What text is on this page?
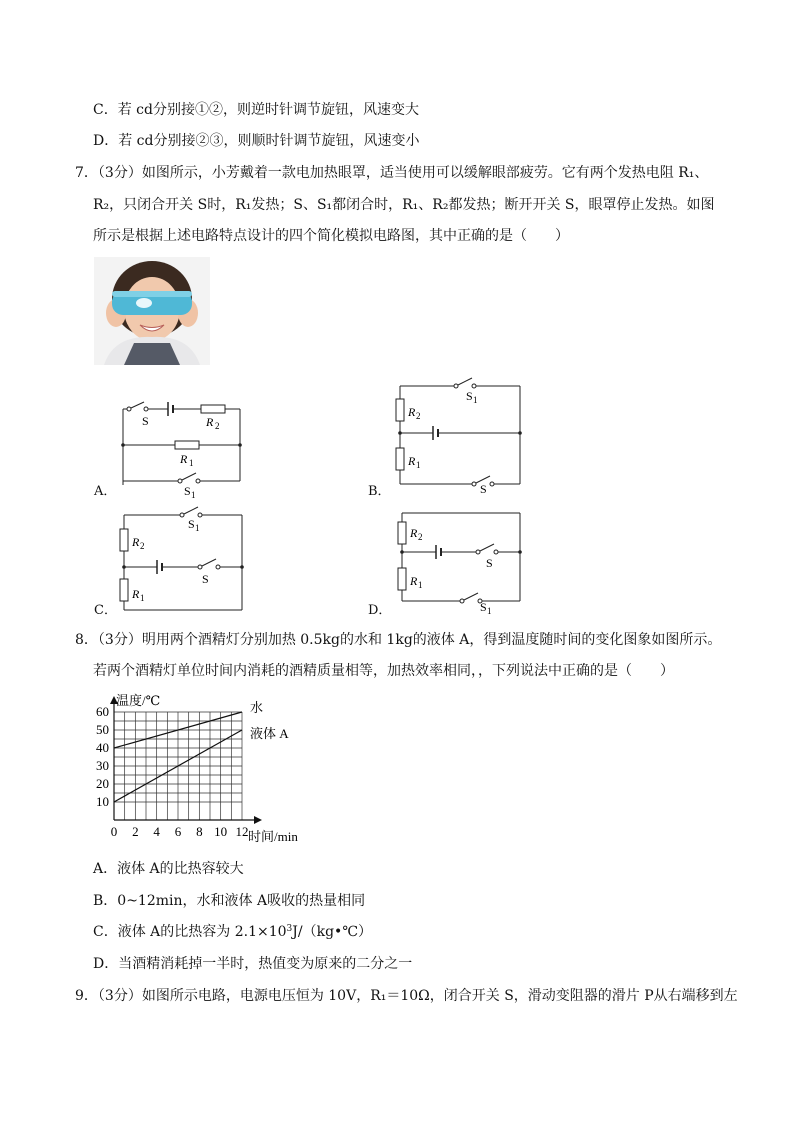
C．若 cd分别接①②，则逆时针调节旋钮，风速变大
D．若 cd分别接②③，则顺时针调节旋钮，风速变小
7．（3分）如图所示，小芳戴着一款电加热眼罩，适当使用可以缓解眼部疲劳。它有两个发热电阻 R₁、
R₂，只闭合开关 S时，R₁发热；S、S₁都闭合时，R₁、R₂都发热；断开开关 S，眼罩停止发热。如图
所示是根据上述电路特点设计的四个简化模拟电路图，其中正确的是（　　）
S	R 2
R 1
S 1
A．
S 1
R 2
R 1
S
B．
S 1
R 2
R 1
S
C．
R 2
R 1
S
S 1
D．
8．（3分）明用两个酒精灯分别加热 0.5kg的水和 1kg的液体 A，得到温度随时间的变化图象如图所示。
若两个酒精灯单位时间内消耗的酒精质量相等，加热效率相同，，下列说法中正确的是（　　）
水
液体 A
0 2 4 6 8 10 12
10
20
30
40
50
60
温度/℃
时间/min
A．液体 A的比热容较大
B．0~12min，水和液体 A吸收的热量相同
C．液体 A的比热容为 $2.1\times 10^3J/(kg•℃)$
D．当酒精消耗掉一半时，热值变为原来的二分之一
9．（3分）如图所示电路，电源电压恒为 10V，R₁＝10Ω，闭合开关 S，滑动变阻器的滑片 P从右端移到左
